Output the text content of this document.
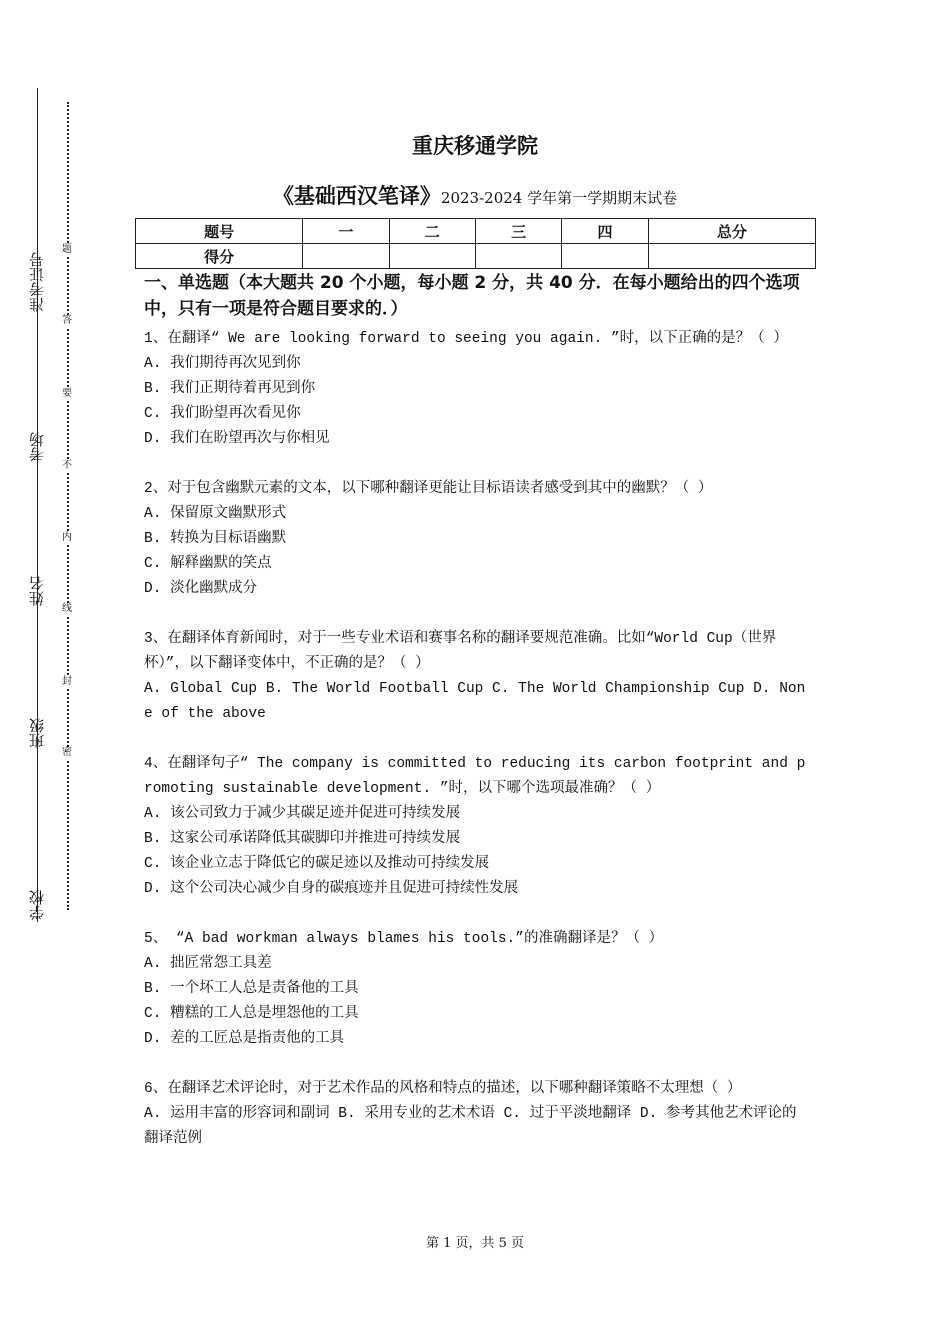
准考证号
考场
姓名
班级
学校
题
答
要
不
内
线
封
密
重庆移通学院
《基础西汉笔译》2023-2024 学年第一学期期末试卷
题号	一	二	三	四	总分
得分					

一、单选题（本大题共 20 个小题，每小题 2 分，共 40 分．在每小题给出的四个选项中，只有一项是符合题目要求的．）

1、在翻译“ We are looking forward to seeing you again. ”时，以下正确的是？（ ）
A. 我们期待再次见到你
B. 我们正期待着再见到你
C. 我们盼望再次看见你
D. 我们在盼望再次与你相见
2、对于包含幽默元素的文本，以下哪种翻译更能让目标语读者感受到其中的幽默？（ ）
A. 保留原文幽默形式
B. 转换为目标语幽默
C. 解释幽默的笑点
D. 淡化幽默成分
3、在翻译体育新闻时，对于一些专业术语和赛事名称的翻译要规范准确。比如“World Cup（世界杯）”，以下翻译变体中，不正确的是？（ ）
A. Global Cup B. The World Football Cup C. The World Championship Cup D. None of the above
4、在翻译句子“ The company is committed to reducing its carbon footprint and promoting sustainable development. ”时，以下哪个选项最准确？（ ）
A. 该公司致力于减少其碳足迹并促进可持续发展
B. 这家公司承诺降低其碳脚印并推进可持续发展
C. 该企业立志于降低它的碳足迹以及推动可持续发展
D. 这个公司决心减少自身的碳痕迹并且促进可持续性发展
5、 “A bad workman always blames his tools.”的准确翻译是？（ ）
A. 拙匠常怨工具差
B. 一个坏工人总是责备他的工具
C. 糟糕的工人总是埋怨他的工具
D. 差的工匠总是指责他的工具
6、在翻译艺术评论时，对于艺术作品的风格和特点的描述，以下哪种翻译策略不太理想（ ）
A. 运用丰富的形容词和副词 B. 采用专业的艺术术语 C. 过于平淡地翻译 D. 参考其他艺术评论的翻译范例
第 1 页，共 5 页
